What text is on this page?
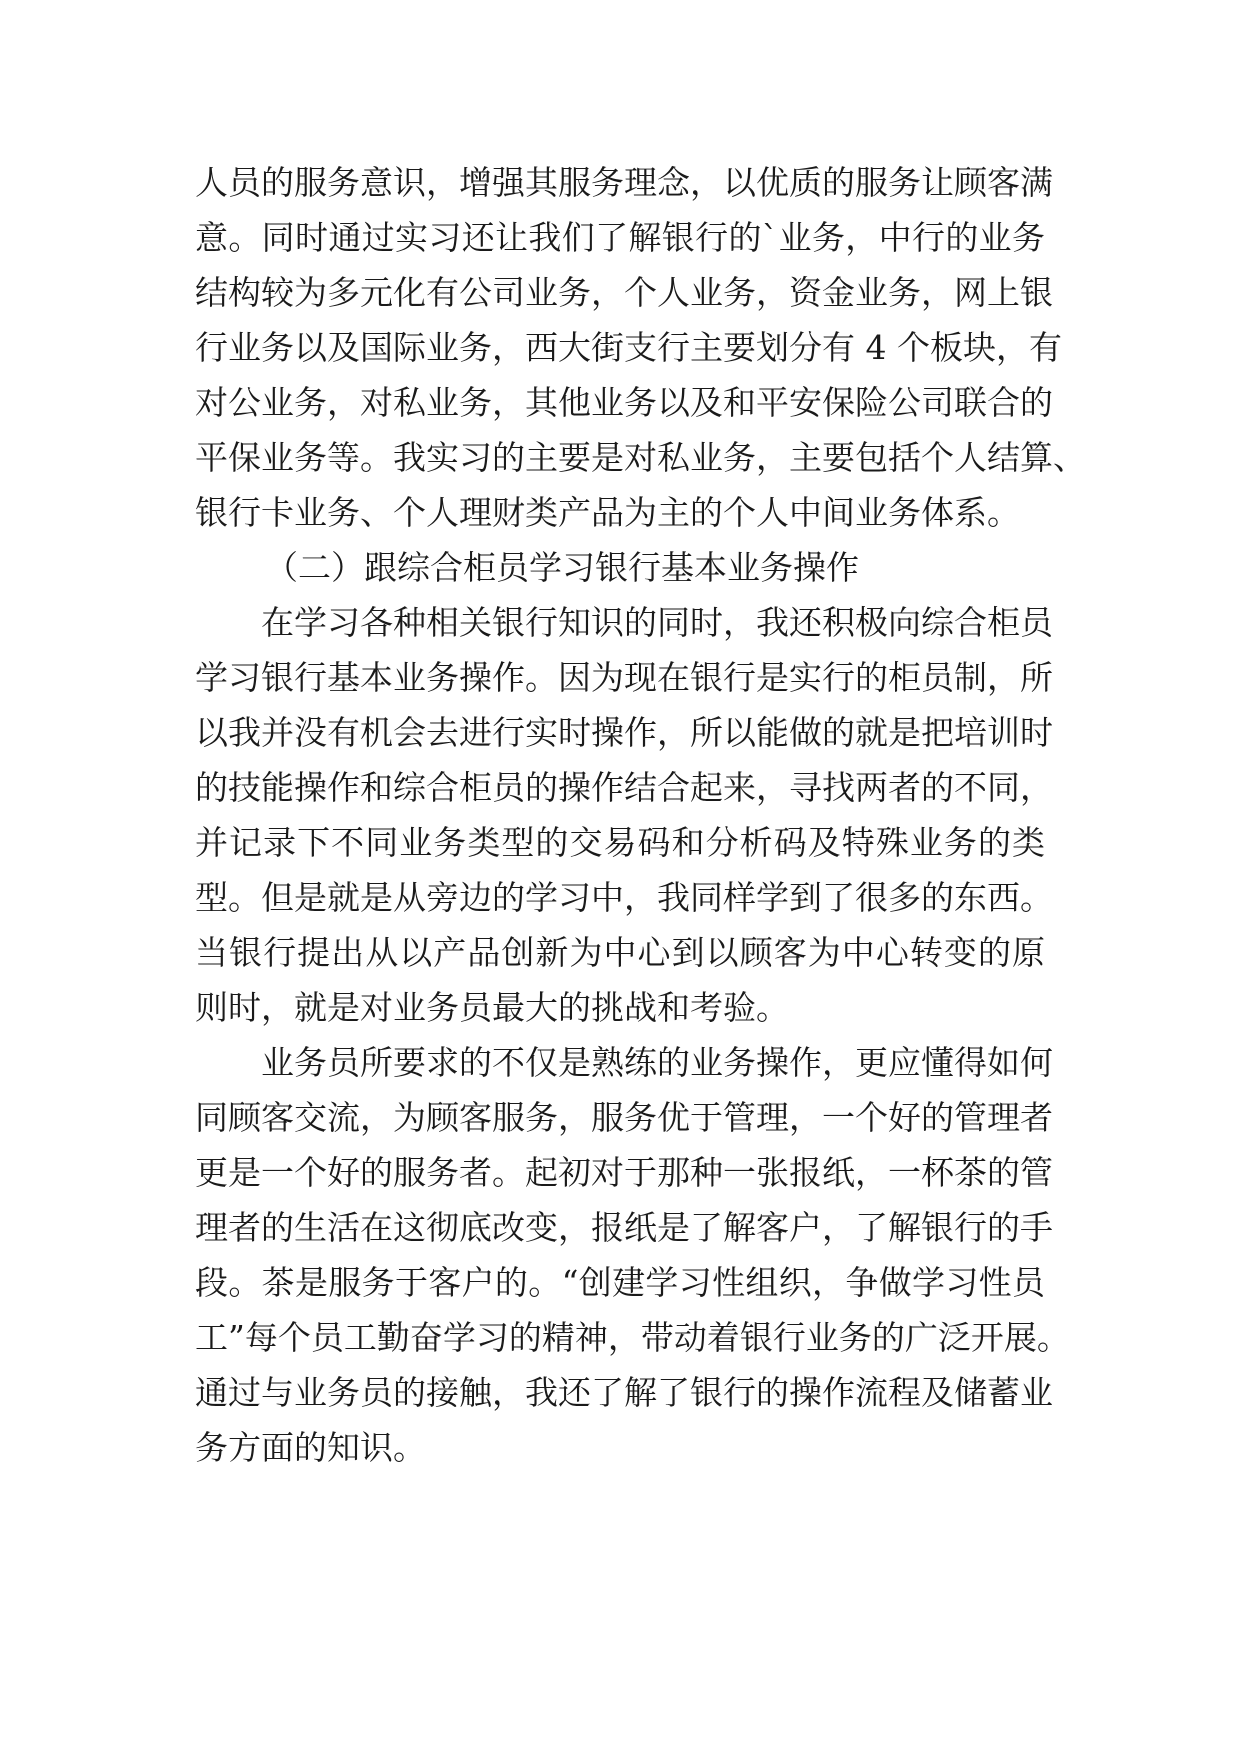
人员的服务意识，增强其服务理念，以优质的服务让顾客满
意。同时通过实习还让我们了解银行的`业务，中行的业务
结构较为多元化有公司业务，个人业务，资金业务，网上银
行业务以及国际业务，西大街支行主要划分有 4 个板块，有
对公业务，对私业务，其他业务以及和平安保险公司联合的
平保业务等。我实习的主要是对私业务，主要包括个人结算、
银行卡业务、个人理财类产品为主的个人中间业务体系。
（二）跟综合柜员学习银行基本业务操作
在学习各种相关银行知识的同时，我还积极向综合柜员
学习银行基本业务操作。因为现在银行是实行的柜员制，所
以我并没有机会去进行实时操作，所以能做的就是把培训时
的技能操作和综合柜员的操作结合起来，寻找两者的不同，
并记录下不同业务类型的交易码和分析码及特殊业务的类
型。但是就是从旁边的学习中，我同样学到了很多的东西。
当银行提出从以产品创新为中心到以顾客为中心转变的原
则时，就是对业务员最大的挑战和考验。
业务员所要求的不仅是熟练的业务操作，更应懂得如何
同顾客交流，为顾客服务，服务优于管理，一个好的管理者
更是一个好的服务者。起初对于那种一张报纸，一杯茶的管
理者的生活在这彻底改变，报纸是了解客户，了解银行的手
段。茶是服务于客户的。“创建学习性组织，争做学习性员
工”每个员工勤奋学习的精神，带动着银行业务的广泛开展。
通过与业务员的接触，我还了解了银行的操作流程及储蓄业
务方面的知识。
